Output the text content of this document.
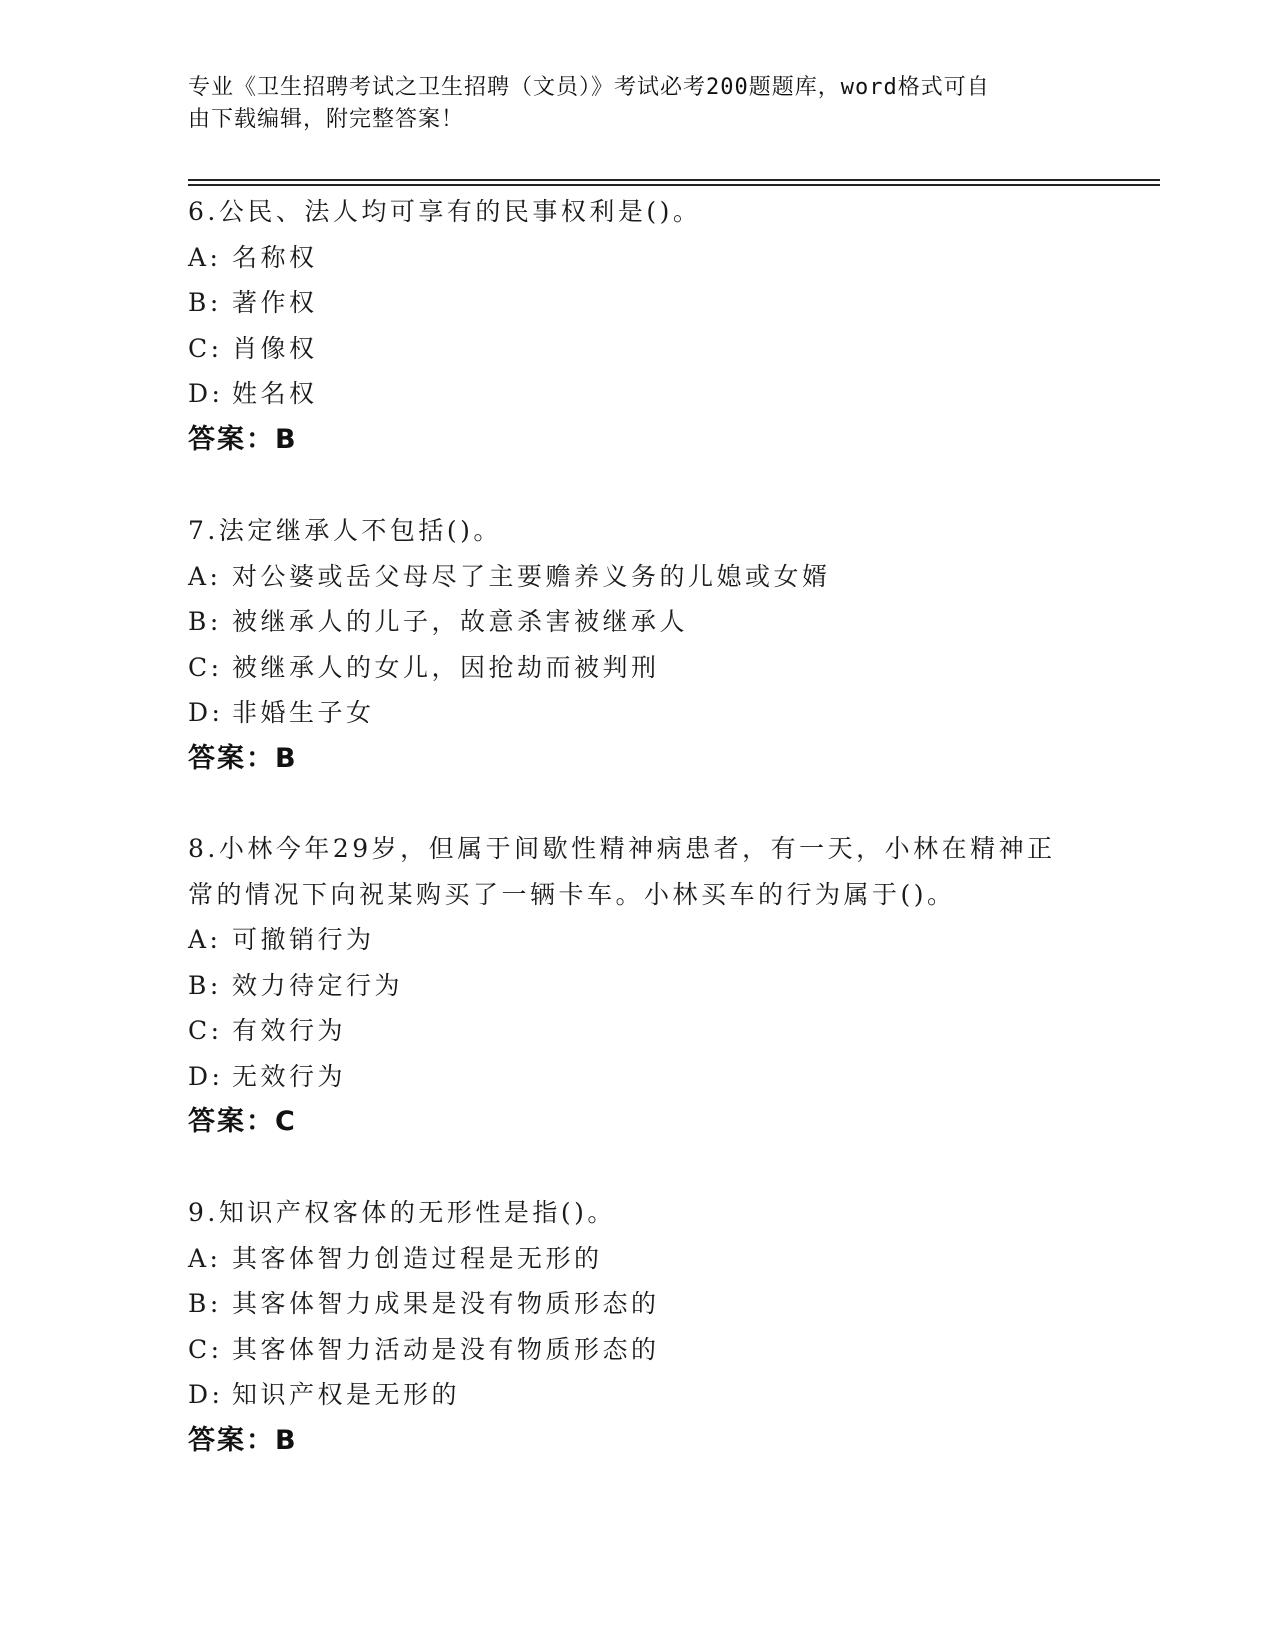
专业《卫生招聘考试之卫生招聘（文员）》考试必考200题题库，word格式可自
由下载编辑，附完整答案！
6.公民、法人均可享有的民事权利是()。
A: 名称权
B: 著作权
C: 肖像权
D: 姓名权
答案：B
7.法定继承人不包括()。
A: 对公婆或岳父母尽了主要赡养义务的儿媳或女婿
B: 被继承人的儿子，故意杀害被继承人
C: 被继承人的女儿，因抢劫而被判刑
D: 非婚生子女
答案：B
8.小林今年29岁，但属于间歇性精神病患者，有一天，小林在精神正
常的情况下向祝某购买了一辆卡车。小林买车的行为属于()。
A: 可撤销行为
B: 效力待定行为
C: 有效行为
D: 无效行为
答案：C
9.知识产权客体的无形性是指()。
A: 其客体智力创造过程是无形的
B: 其客体智力成果是没有物质形态的
C: 其客体智力活动是没有物质形态的
D: 知识产权是无形的
答案：B
